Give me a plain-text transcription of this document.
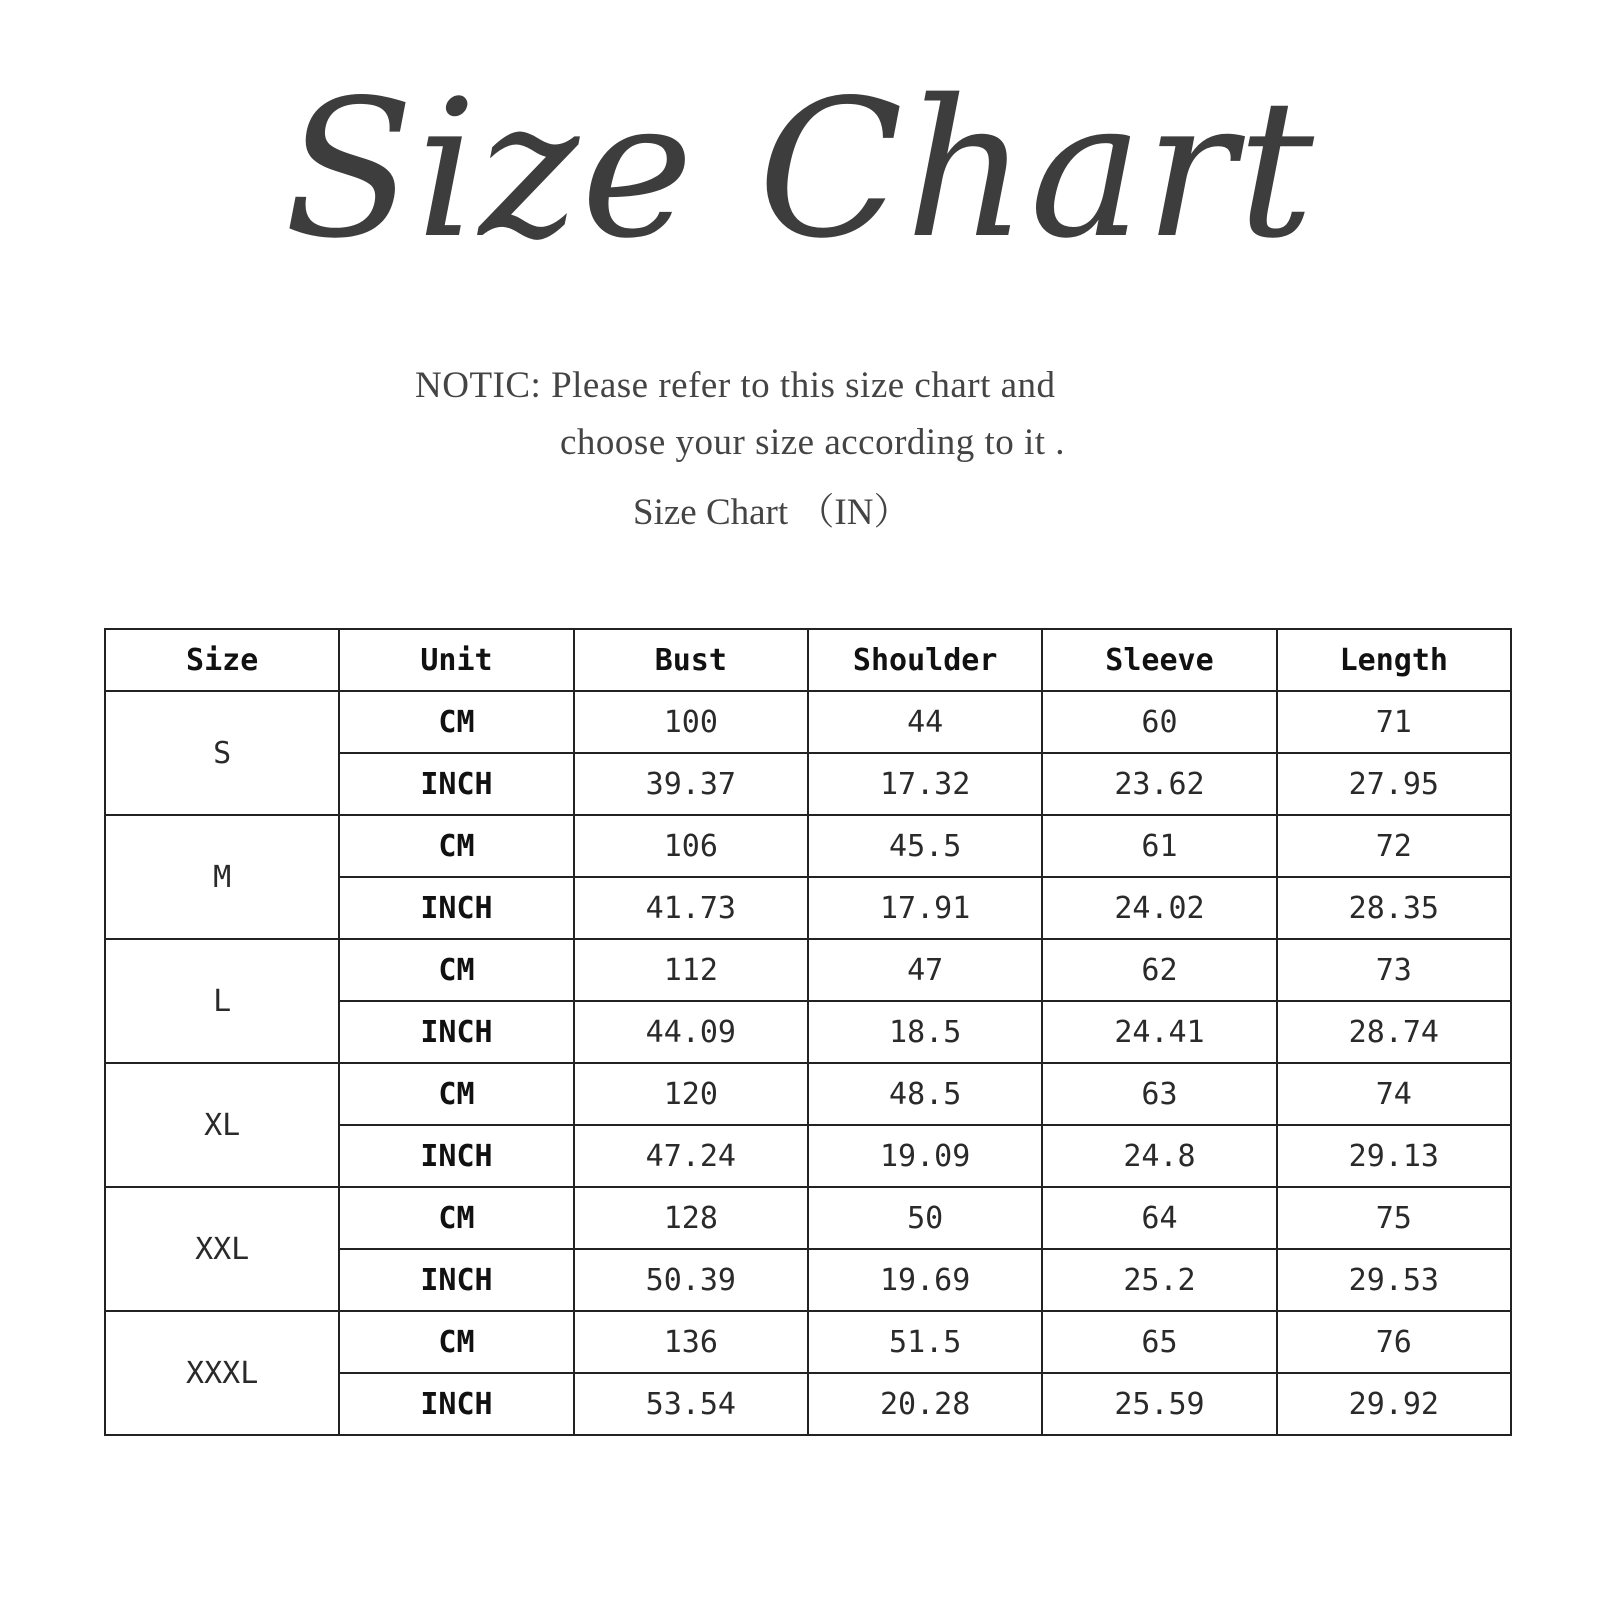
Size Chart
NOTIC: Please refer to this size chart and
choose your size according to it .
Size Chart （IN）
Size	Unit	Bust	Shoulder	Sleeve	Length
S	CM	100	44	60	71
	INCH	39.37	17.32	23.62	27.95
M	CM	106	45.5	61	72
	INCH	41.73	17.91	24.02	28.35
L	CM	112	47	62	73
	INCH	44.09	18.5	24.41	28.74
XL	CM	120	48.5	63	74
	INCH	47.24	19.09	24.8	29.13
XXL	CM	128	50	64	75
	INCH	50.39	19.69	25.2	29.53
XXXL	CM	136	51.5	65	76
	INCH	53.54	20.28	25.59	29.92
